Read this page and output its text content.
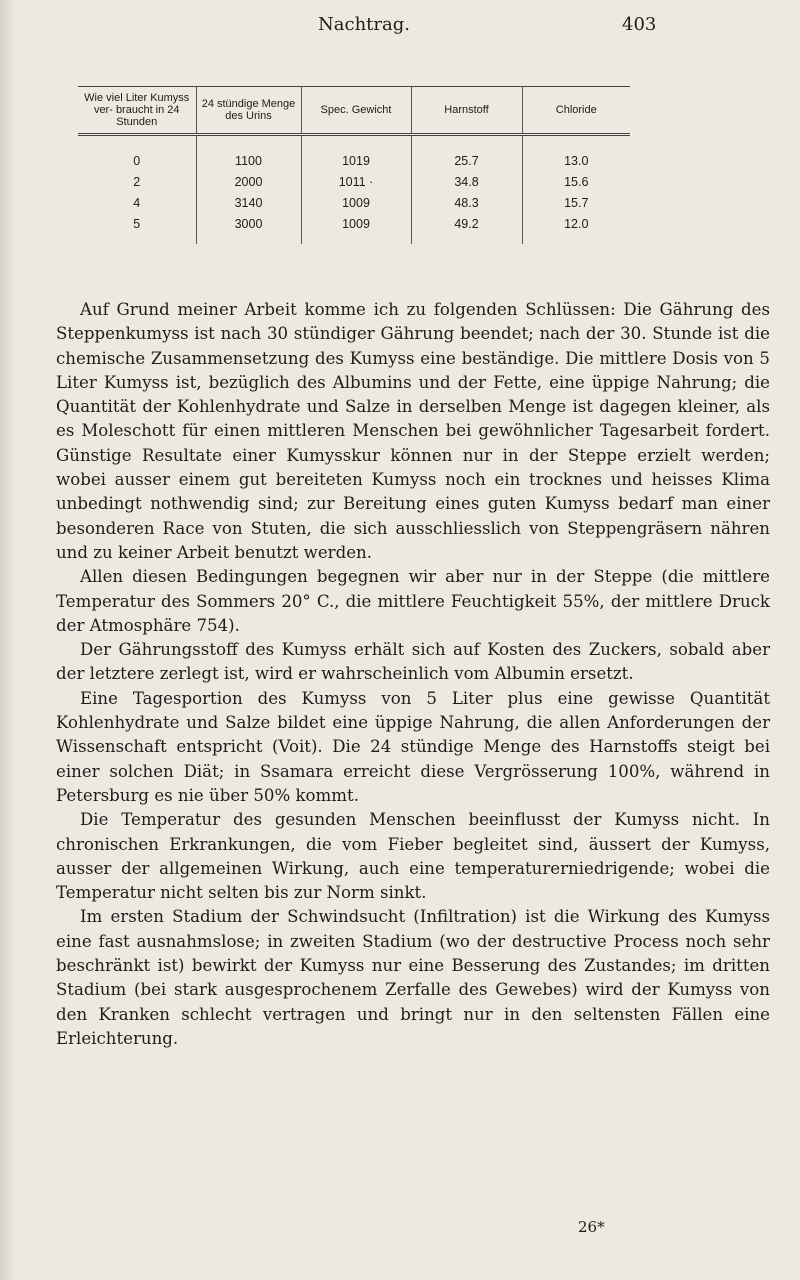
Nachtrag.	403
Wie viel Liter Kumyss ver- braucht in 24 Stunden	24 stündige Menge des Urins	Spec. Gewicht	Harnstoff	Chloride
0	1100	1019	25.7	13.0
2	2000	1011 ·	34.8	15.6
4	3140	1009	48.3	15.7
5	3000	1009	49.2	12.0

Auf Grund meiner Arbeit komme ich zu folgenden Schlüssen: Die Gährung des Steppenkumyss ist nach 30 stündiger Gährung beendet; nach der 30. Stunde ist die chemische Zusammensetzung des Kumyss eine beständige. Die mittlere Dosis von 5 Liter Kumyss ist, bezüglich des Albumins und der Fette, eine üppige Nahrung; die Quantität der Kohlenhydrate und Salze in derselben Menge ist dagegen kleiner, als es Moleschott für einen mittleren Menschen bei gewöhnlicher Tagesarbeit fordert. Günstige Resultate einer Kumysskur können nur in der Steppe erzielt werden; wobei ausser einem gut bereiteten Kumyss noch ein trocknes und heisses Klima unbedingt nothwendig sind; zur Bereitung eines guten Kumyss bedarf man einer besonderen Race von Stuten, die sich ausschliesslich von Steppengräsern nähren und zu keiner Arbeit benutzt werden.

Allen diesen Bedingungen begegnen wir aber nur in der Steppe (die mittlere Temperatur des Sommers 20° C., die mittlere Feuchtigkeit 55%, der mittlere Druck der Atmosphäre 754).

Der Gährungsstoff des Kumyss erhält sich auf Kosten des Zuckers, sobald aber der letztere zerlegt ist, wird er wahrscheinlich vom Albumin ersetzt.

Eine Tagesportion des Kumyss von 5 Liter plus eine gewisse Quantität Kohlenhydrate und Salze bildet eine üppige Nahrung, die allen Anforderungen der Wissenschaft entspricht (Voit). Die 24 stündige Menge des Harnstoffs steigt bei einer solchen Diät; in Ssamara erreicht diese Vergrösserung 100%, während in Petersburg es nie über 50% kommt.

Die Temperatur des gesunden Menschen beeinflusst der Kumyss nicht. In chronischen Erkrankungen, die vom Fieber begleitet sind, äussert der Kumyss, ausser der allgemeinen Wirkung, auch eine temperaturerniedrigende; wobei die Temperatur nicht selten bis zur Norm sinkt.

Im ersten Stadium der Schwindsucht (Infiltration) ist die Wirkung des Kumyss eine fast ausnahmslose; in zweiten Stadium (wo der destructive Process noch sehr beschränkt ist) bewirkt der Kumyss nur eine Besserung des Zustandes; im dritten Stadium (bei stark ausgesprochenem Zerfalle des Gewebes) wird der Kumyss von den Kranken schlecht vertragen und bringt nur in den seltensten Fällen eine Erleichterung.

26*
